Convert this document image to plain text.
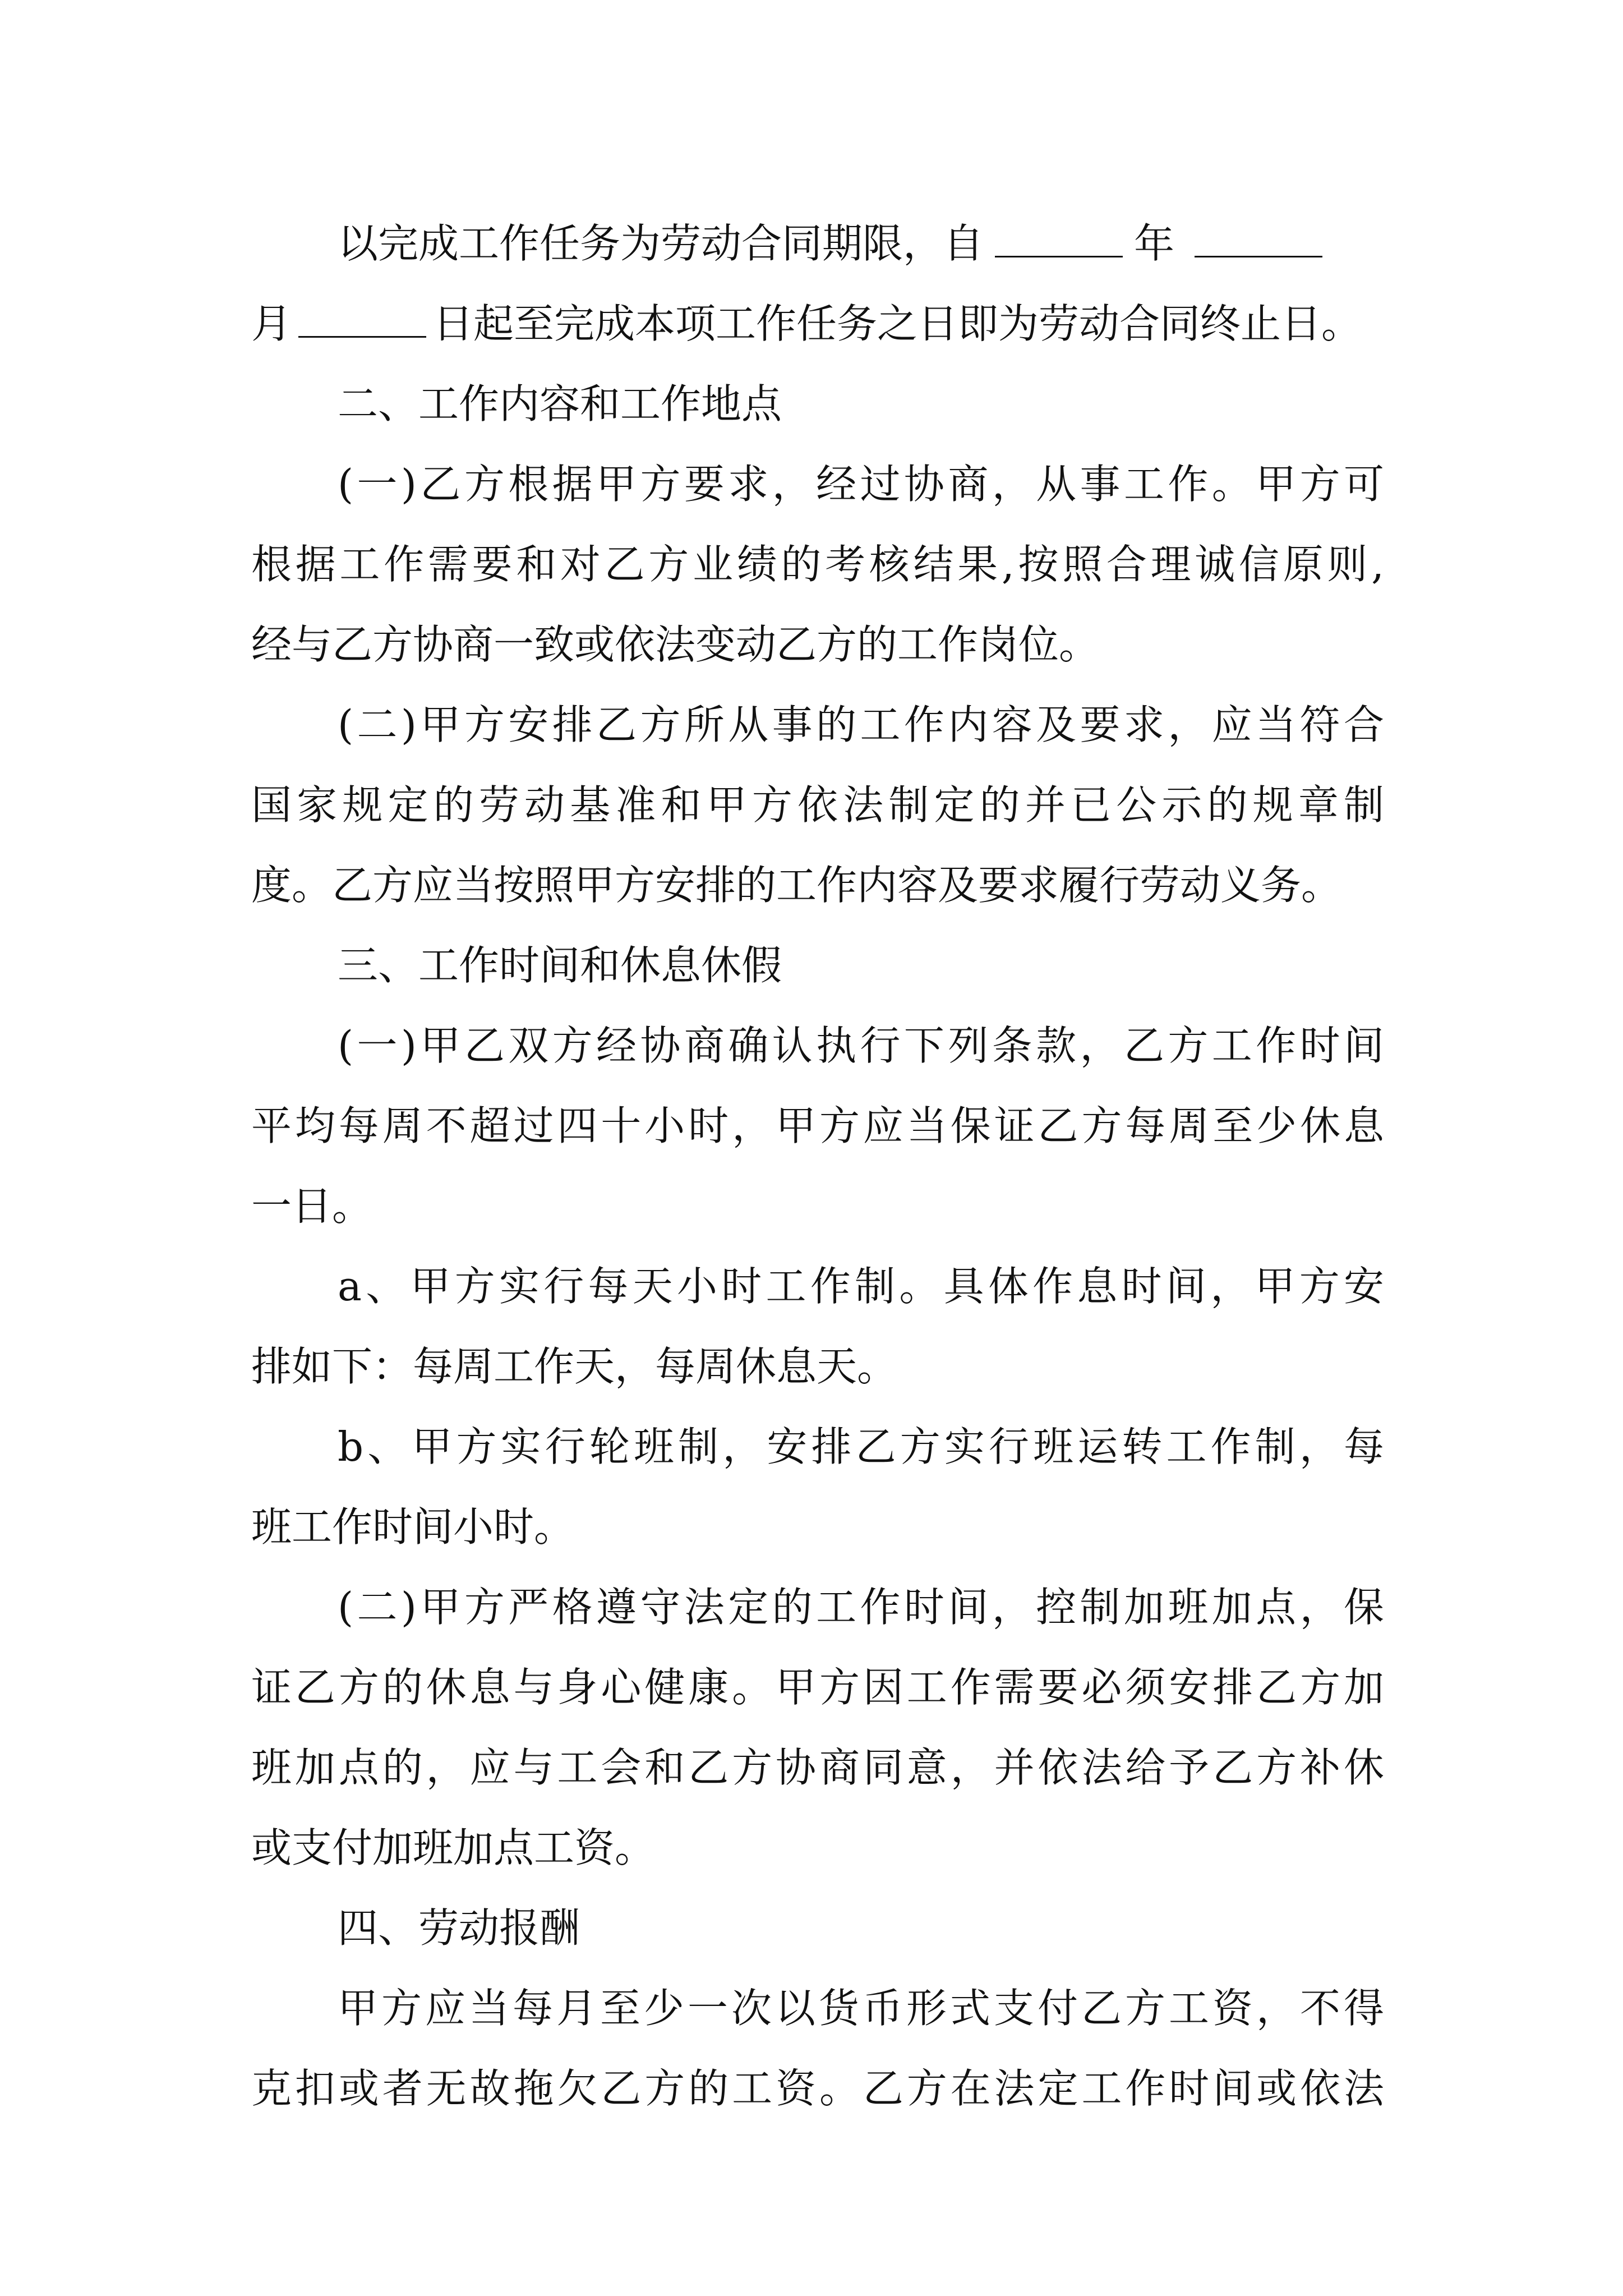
以完成工作任务为劳动合同期限，自	年

月	日起至完成本项工作任务之日即为劳动合同终止日。

二、工作内容和工作地点

(一)乙方根据甲方要求，经过协商，从事工作。甲方可

根据工作需要和对乙方业绩的考核结果,按照合理诚信原则,

经与乙方协商一致或依法变动乙方的工作岗位。

(二)甲方安排乙方所从事的工作内容及要求，应当符合

国家规定的劳动基准和甲方依法制定的并已公示的规章制

度。乙方应当按照甲方安排的工作内容及要求履行劳动义务。

三、工作时间和休息休假

(一)甲乙双方经协商确认执行下列条款，乙方工作时间

平均每周不超过四十小时，甲方应当保证乙方每周至少休息

一日。

a、甲方实行每天小时工作制。具体作息时间，甲方安

排如下：每周工作天，每周休息天。

b、甲方实行轮班制，安排乙方实行班运转工作制，每

班工作时间小时。

(二)甲方严格遵守法定的工作时间，控制加班加点，保

证乙方的休息与身心健康。甲方因工作需要必须安排乙方加

班加点的，应与工会和乙方协商同意，并依法给予乙方补休

或支付加班加点工资。

四、劳动报酬

甲方应当每月至少一次以货币形式支付乙方工资，不得

克扣或者无故拖欠乙方的工资。乙方在法定工作时间或依法
